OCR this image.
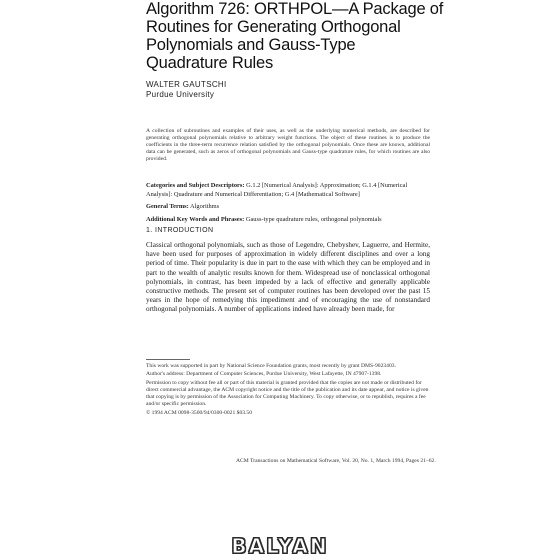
Algorithm 726: ORTHPOL—A Package of
Routines for Generating Orthogonal
Polynomials and Gauss-Type
Quadrature Rules
WALTER GAUTSCHI
Purdue University
A collection of subroutines and examples of their uses, as well as the underlying numerical methods, are described for generating orthogonal polynomials relative to arbitrary weight functions. The object of these routines is to produce the coefficients in the three-term recurrence relation satisfied by the orthogonal polynomials. Once these are known, additional data can be generated, such as zeros of orthogonal polynomials and Gauss-type quadrature rules, for which routines are also provided.

Categories and Subject Descriptors: G.1.2 [Numerical Analysis]: Approximation; G.1.4 [Numerical Analysis]: Quadrature and Numerical Differentiation; G.4 [Mathematical Software]

General Terms: Algorithms

Additional Key Words and Phrases: Gauss-type quadrature rules, orthogonal polynomials

1. INTRODUCTION
Classical orthogonal polynomials, such as those of Legendre, Chebyshev, Laguerre, and Hermite, have been used for purposes of approximation in widely different disciplines and over a long period of time. Their popularity is due in part to the ease with which they can be employed and in part to the wealth of analytic results known for them. Widespread use of nonclassical orthogonal polynomials, in contrast, has been impeded by a lack of effective and generally applicable constructive methods. The present set of computer routines has been developed over the past 15 years in the hope of remedying this impediment and of encouraging the use of nonstandard orthogonal polynomials. A number of applications indeed have already been made, for

This work was supported in part by National Science Foundation grants, most recently by grant DMS-9023403.

Author's address: Department of Computer Sciences, Purdue University, West Lafayette, IN 47907-1398.

Permission to copy without fee all or part of this material is granted provided that the copies are not made or distributed for direct commercial advantage, the ACM copyright notice and the title of the publication and its date appear, and notice is given that copying is by permission of the Association for Computing Machinery. To copy otherwise, or to republish, requires a fee and/or specific permission.

© 1994 ACM 0098-3500/94/0300-0021 $03.50

ACM Transactions on Mathematical Software, Vol. 20, No. 1, March 1994, Pages 21–62.
BALYAN
